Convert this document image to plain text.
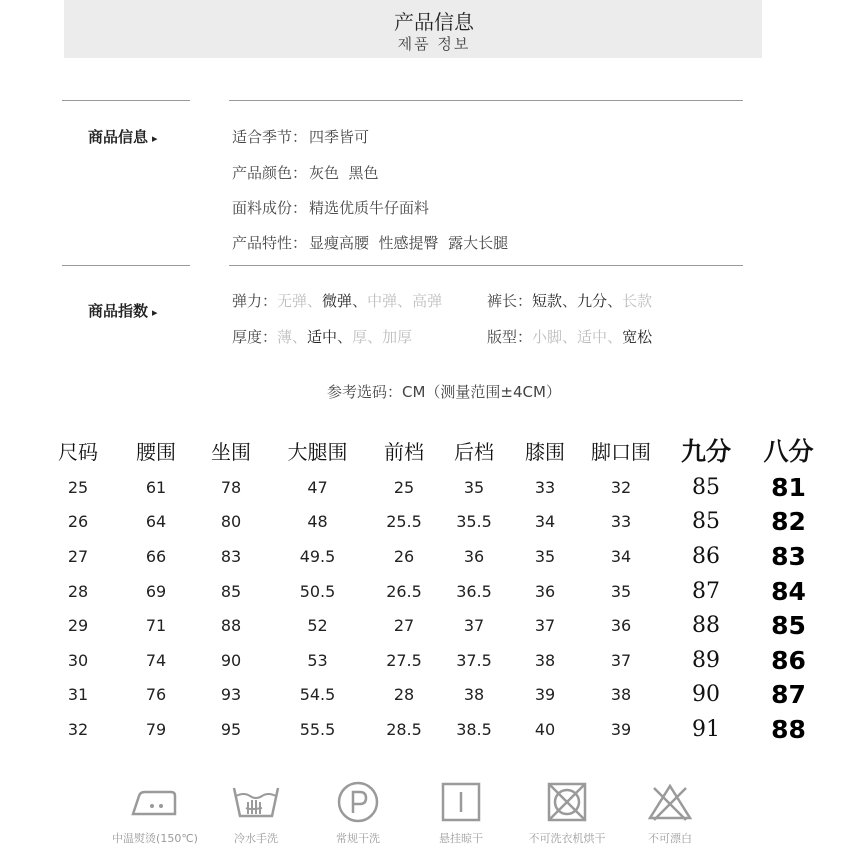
产品信息
제품 정보
商品信息 ▸	适合季节： 四季皆可
产品颜色： 灰色  黑色
面料成份： 精选优质牛仔面料
产品特性： 显瘦高腰  性感提臀  露大长腿
商品指数 ▸
弹力：无弹、微弹、中弹、高弹	裤长：短款、九分、长款
厚度：薄、适中、厚、加厚	版型：小脚、适中、宽松
参考选码：CM（测量范围±4CM）
尺码	腰围	坐围	大腿围	前档	后档	膝围	脚口围	九分	八分
25	61	78	47	25	35	33	32	85	81
26	64	80	48	25.5	35.5	34	33	85	82
27	66	83	49.5	26	36	35	34	86	83
28	69	85	50.5	26.5	36.5	36	35	87	84
29	71	88	52	27	37	37	36	88	85
30	74	90	53	27.5	37.5	38	37	89	86
31	76	93	54.5	28	38	39	38	90	87
32	79	95	55.5	28.5	38.5	40	39	91	88
中温熨烫(150℃)	冷水手洗	常规干洗	悬挂晾干	不可洗衣机烘干	不可漂白
